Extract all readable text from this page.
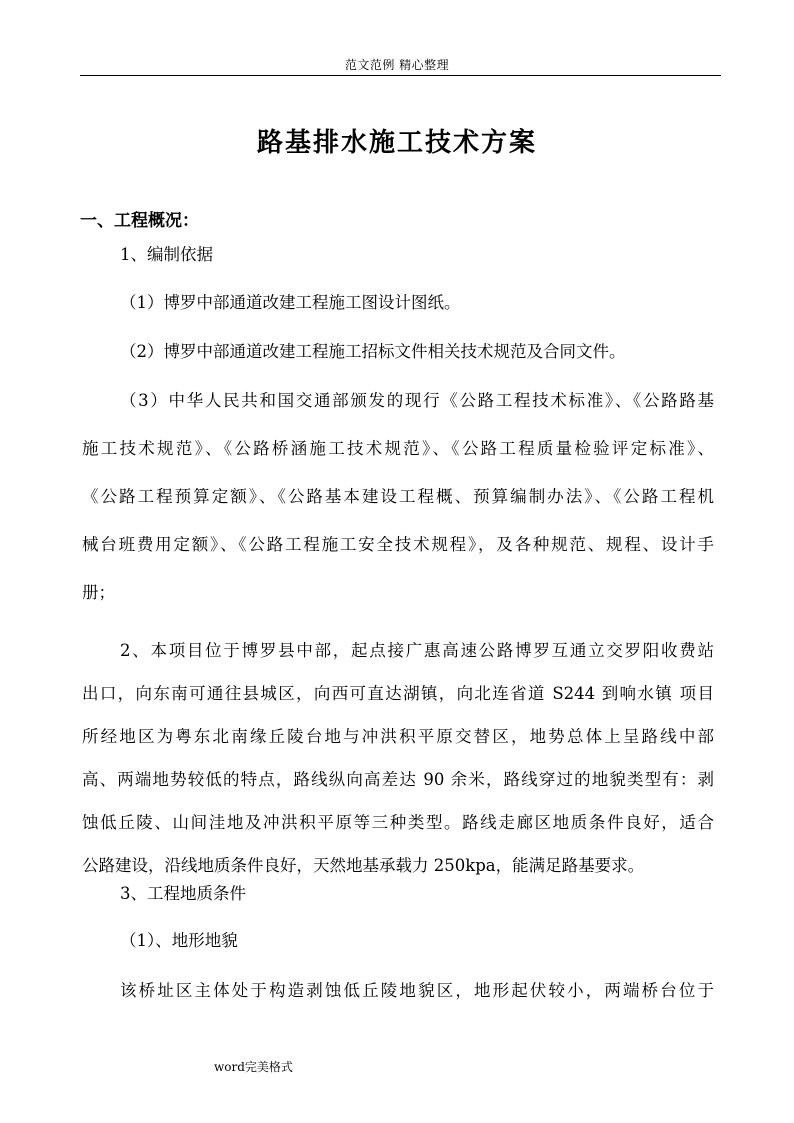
范文范例 精心整理
路基排水施工技术方案
一、工程概况：
1、编制依据
（1）博罗中部通道改建工程施工图设计图纸。
（2）博罗中部通道改建工程施工招标文件相关技术规范及合同文件。
（3）中华人民共和国交通部颁发的现行《公路工程技术标准》、《公路路基
施工技术规范》、《公路桥涵施工技术规范》、《公路工程质量检验评定标准》、
《公路工程预算定额》、《公路基本建设工程概、预算编制办法》、《公路工程机
械台班费用定额》、《公路工程施工安全技术规程》，及各种规范、规程、设计手
册；
2、本项目位于博罗县中部，起点接广惠高速公路博罗互通立交罗阳收费站
出口，向东南可通往县城区，向西可直达湖镇，向北连省道 S244 到响水镇 项目
所经地区为粤东北南缘丘陵台地与冲洪积平原交替区，地势总体上呈路线中部
高、两端地势较低的特点，路线纵向高差达 90 余米，路线穿过的地貌类型有：剥
蚀低丘陵、山间洼地及冲洪积平原等三种类型。路线走廊区地质条件良好，适合
公路建设，沿线地质条件良好，天然地基承载力 250kpa，能满足路基要求。
3、工程地质条件
（1）、地形地貌
该桥址区主体处于构造剥蚀低丘陵地貌区，地形起伏较小，两端桥台位于
word完美格式
